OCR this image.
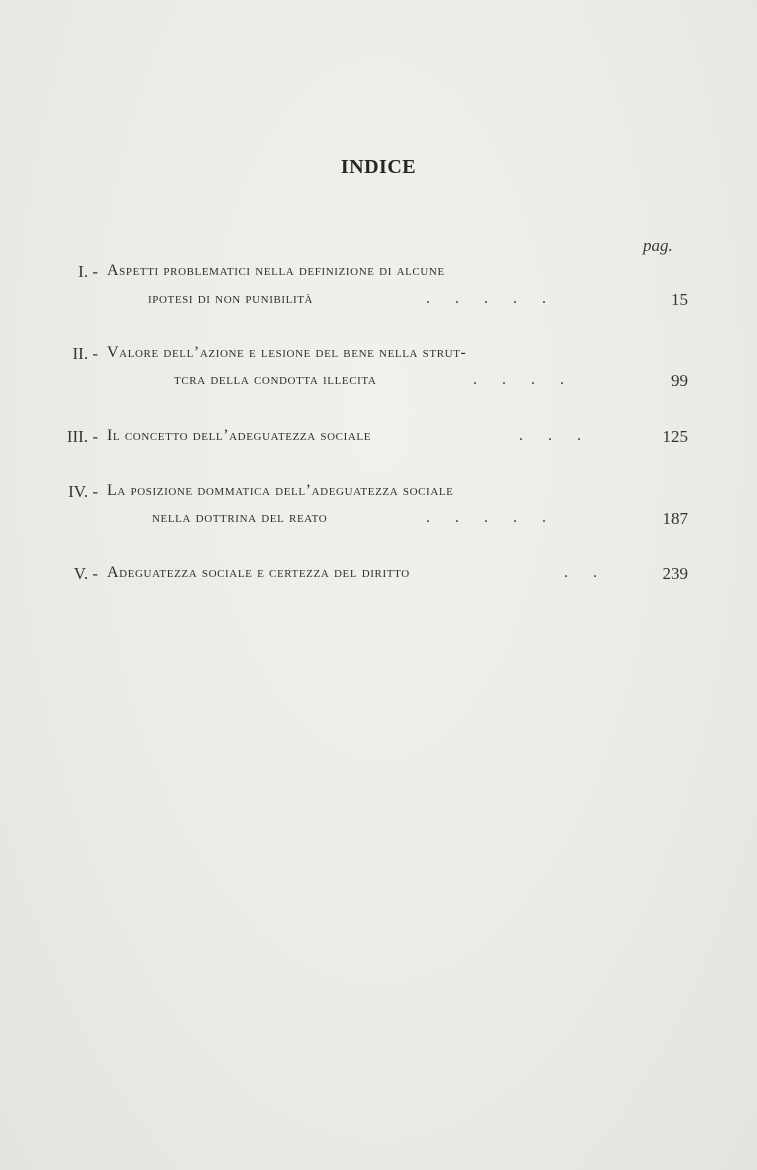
INDICE
pag.
I. - Aspetti problematici nella definizione di alcune
ipotesi di non punibilità	. . . . .	15
II. - Valore dell’azione e lesione del bene nella strut-
tcra della condotta illecita	. . . .	99
III. - Il concetto dell’adeguatezza sociale	. . .	125
IV. - La posizione dommatica dell’adeguatezza sociale
nella dottrina del reato	. . . . .	187
V. - Adeguatezza sociale e certezza del diritto	. .	239
